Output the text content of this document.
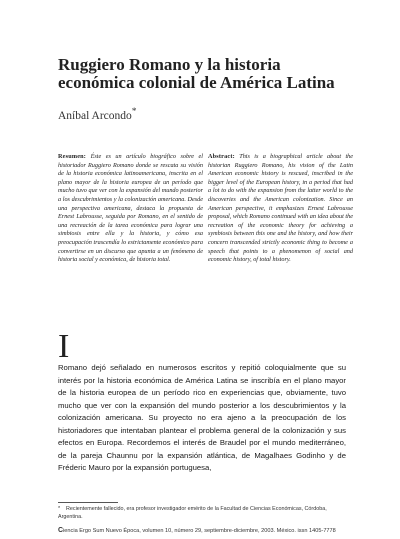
Ruggiero Romano y la historia económica colonial de América Latina
Aníbal Arcondo*
Resumen: Éste es un artículo biográfico sobre el historiador Ruggiero Romano donde se rescata su visión de la historia económica latinoamericana, inscrita en el plano mayor de la historia europea de un período que mucho tuvo que ver con la expansión del mundo posterior a los descubrimientos y la colonización americana. Desde una perspectiva americana, destaca la propuesta de Ernest Labrousse, seguida por Romano, en el sentido de una recreación de la tarea económica para lograr una simbiosis entre ella y la historia, y cómo esa preocupación trascendía lo estrictamente económico para convertirse en un discurso que apunta a un fenómeno de historia social y económica, de historia total.
Abstract: This is a biographical article about the historian Ruggiero Romano, his vision of the Latin American economic history is rescued, inscribed in the bigger level of the European history, in a period that had a lot to do with the expansion from the latter world to the discoveries and the American colonization. Since an American perspective, it emphasizes Ernest Labrousse proposal, which Romano continued with an idea about the recreation of the economic theory for achieving a symbiosis between this one and the history, and how their concern transcended strictly economic thing to become a speech that points to a phenomenon of social and economic history, of total history.
I
Romano dejó señalado en numerosos escritos y repitió coloquialmente que su interés por la historia económica de América Latina se inscribía en el plano mayor de la historia europea de un período rico en experiencias que, obviamente, tuvo mucho que ver con la expansión del mundo posterior a los descubrimientos y la colonización americana. Su proyecto no era ajeno a la preocupación de los historiadores que intentaban plantear el problema general de la colonización y sus efectos en Europa. Recordemos el interés de Braudel por el mundo mediterráneo, de la pareja Chaunnu por la expansión atlántica, de Magalhaes Godinho y de Fréderic Mauro por la expansión portuguesa,
* Recientemente fallecido, era profesor investigador emérito de la Facultad de Ciencias Económicas, Córdoba, Argentina.
Ciencia Ergo Sum Nuevo Época, volumen 10, número 29, septiembre-diciembre, 2003. México. issn 1405-7778
